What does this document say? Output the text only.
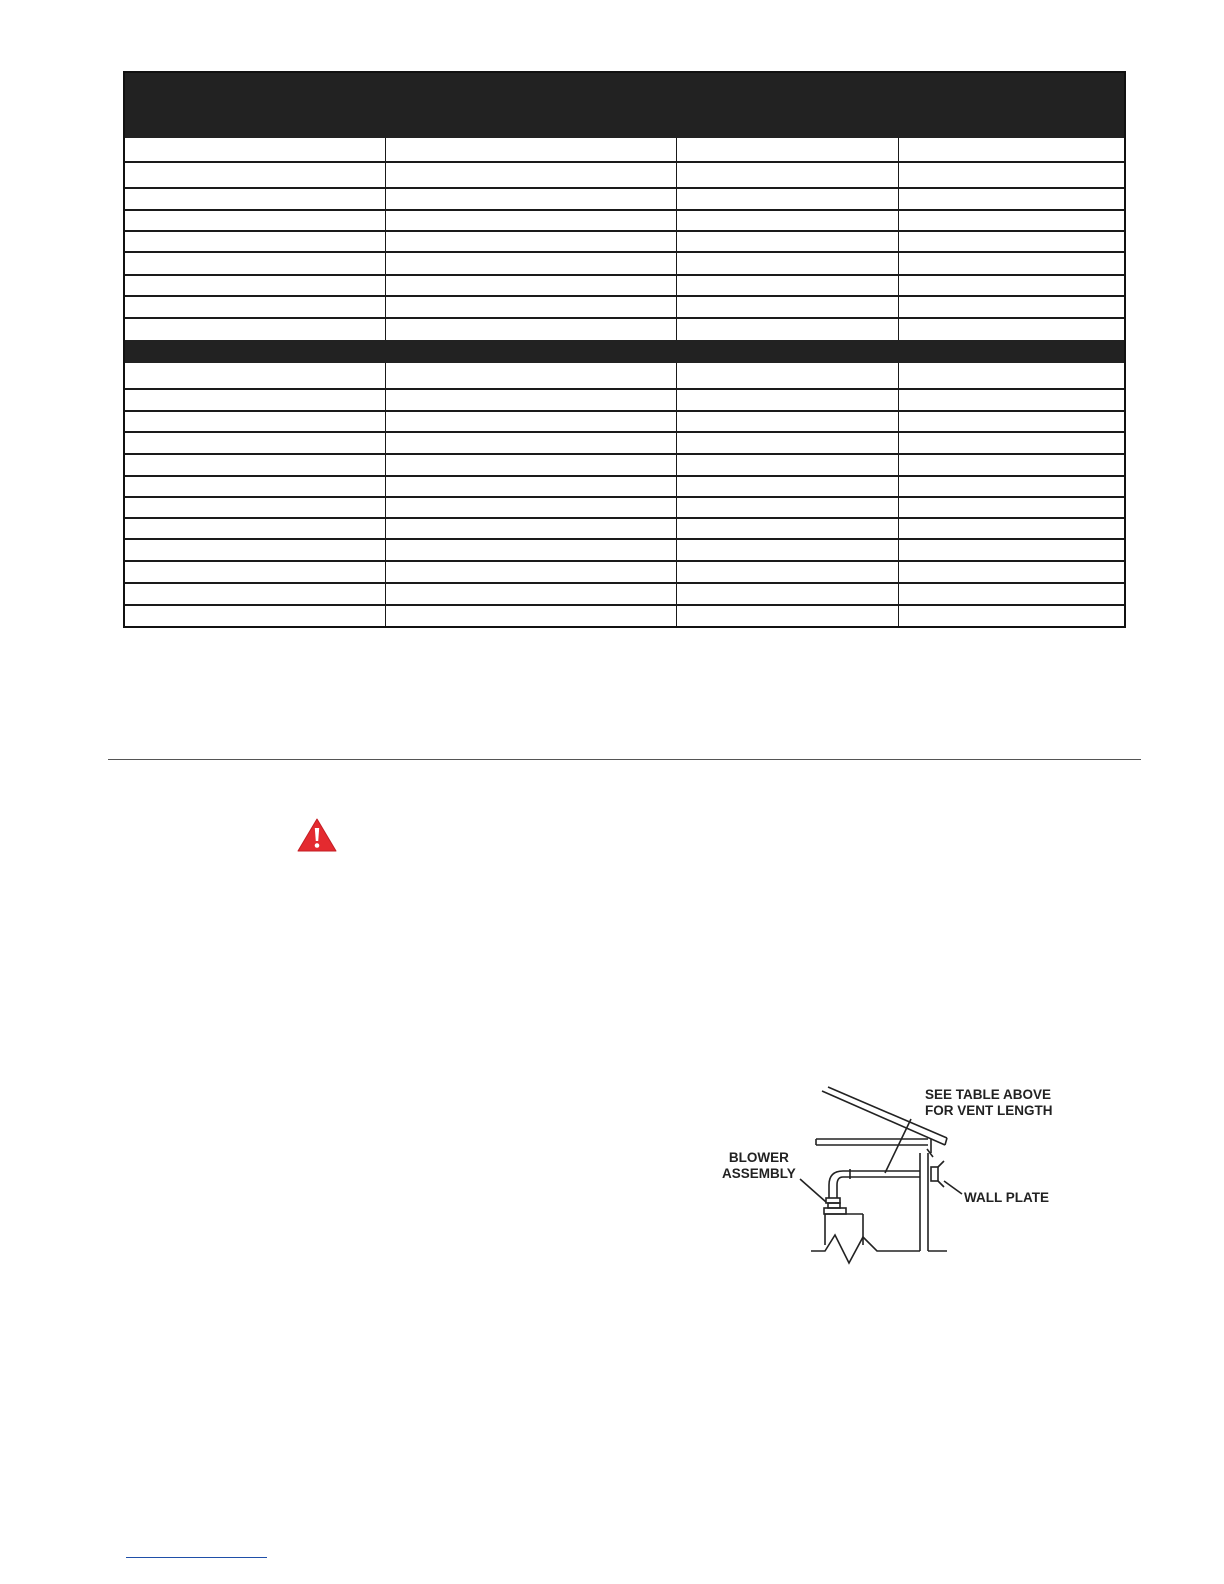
SEE TABLE ABOVE
FOR VENT LENGTH
BLOWER
ASSEMBLY
WALL PLATE
